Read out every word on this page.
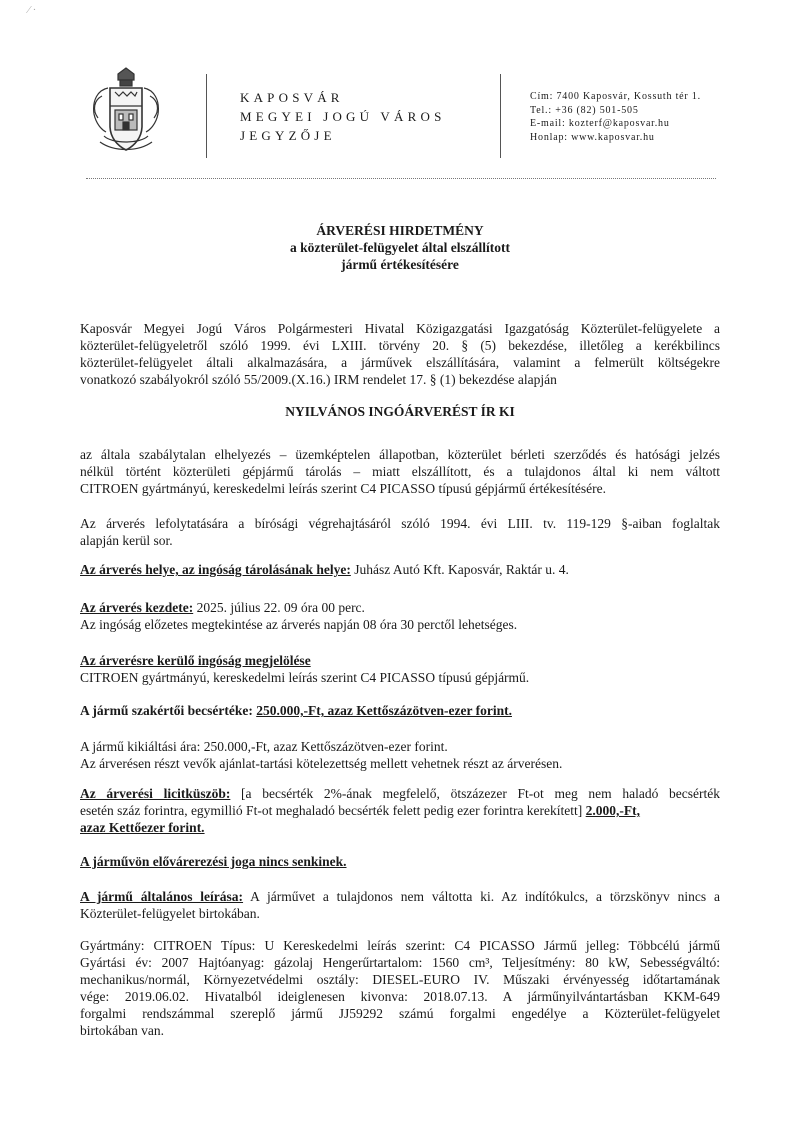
⁄ ·
KAPOSVÁR
MEGYEI JOGÚ VÁROS
JEGYZŐJE
Cím: 7400 Kaposvár, Kossuth tér 1.
Tel.: +36 (82) 501-505
E-mail: kozterf@kaposvar.hu
Honlap: www.kaposvar.hu
ÁRVERÉSI HIRDETMÉNY
a közterület-felügyelet által elszállított
jármű értékesítésére
Kaposvár Megyei Jogú Város Polgármesteri Hivatal Közigazgatási Igazgatóság Közterület-felügyelete a
közterület-felügyeletről szóló 1999. évi LXIII. törvény 20. § (5) bekezdése, illetőleg a kerékbilincs
közterület-felügyelet általi alkalmazására, a járművek elszállítására, valamint a felmerült költségekre
vonatkozó szabályokról szóló 55/2009.(X.16.) IRM rendelet 17. § (1) bekezdése alapján
NYILVÁNOS INGÓÁRVERÉST ÍR KI
az általa szabálytalan elhelyezés – üzemképtelen állapotban, közterület bérleti szerződés és hatósági jelzés
nélkül történt közterületi gépjármű tárolás – miatt elszállított, és a tulajdonos által ki nem váltott
CITROEN gyártmányú, kereskedelmi leírás szerint C4 PICASSO típusú gépjármű értékesítésére.
Az árverés lefolytatására a bírósági végrehajtásáról szóló 1994. évi LIII. tv. 119-129 §-aiban foglaltak
alapján kerül sor.
Az árverés helye, az ingóság tárolásának helye: Juhász Autó Kft. Kaposvár, Raktár u. 4.
Az árverés kezdete: 2025. július 22. 09 óra 00 perc.
Az ingóság előzetes megtekintése az árverés napján 08 óra 30 perctől lehetséges.
Az árverésre kerülő ingóság megjelölése
CITROEN gyártmányú, kereskedelmi leírás szerint C4 PICASSO típusú gépjármű.
A jármű szakértői becsértéke: 250.000,-Ft, azaz Kettőszázötven-ezer forint.
A jármű kikiáltási ára: 250.000,-Ft, azaz Kettőszázötven-ezer forint.
Az árverésen részt vevők ajánlat-tartási kötelezettség mellett vehetnek részt az árverésen.
Az árverési licitküszöb: [a becsérték 2%-ának megfelelő, ötszázezer Ft-ot meg nem haladó becsérték
esetén száz forintra, egymillió Ft-ot meghaladó becsérték felett pedig ezer forintra kerekített] 2.000,-Ft,
azaz Kettőezer forint.
A járművön elővárerezési joga nincs senkinek.
A jármű általános leírása: A járművet a tulajdonos nem váltotta ki. Az indítókulcs, a törzskönyv nincs a
Közterület-felügyelet birtokában.
Gyártmány: CITROEN Típus: U Kereskedelmi leírás szerint: C4 PICASSO Jármű jelleg: Többcélú jármű
Gyártási év: 2007 Hajtóanyag: gázolaj Hengerűrtartalom: 1560 cm³, Teljesítmény: 80 kW, Sebességváltó:
mechanikus/normál, Környezetvédelmi osztály: DIESEL-EURO IV. Műszaki érvényesség időtartamának
vége: 2019.06.02. Hivatalból ideiglenesen kivonva: 2018.07.13. A járműnyilvántartásban KKM-649
forgalmi rendszámmal szereplő jármű JJ59292 számú forgalmi engedélye a Közterület-felügyelet
birtokában van.
